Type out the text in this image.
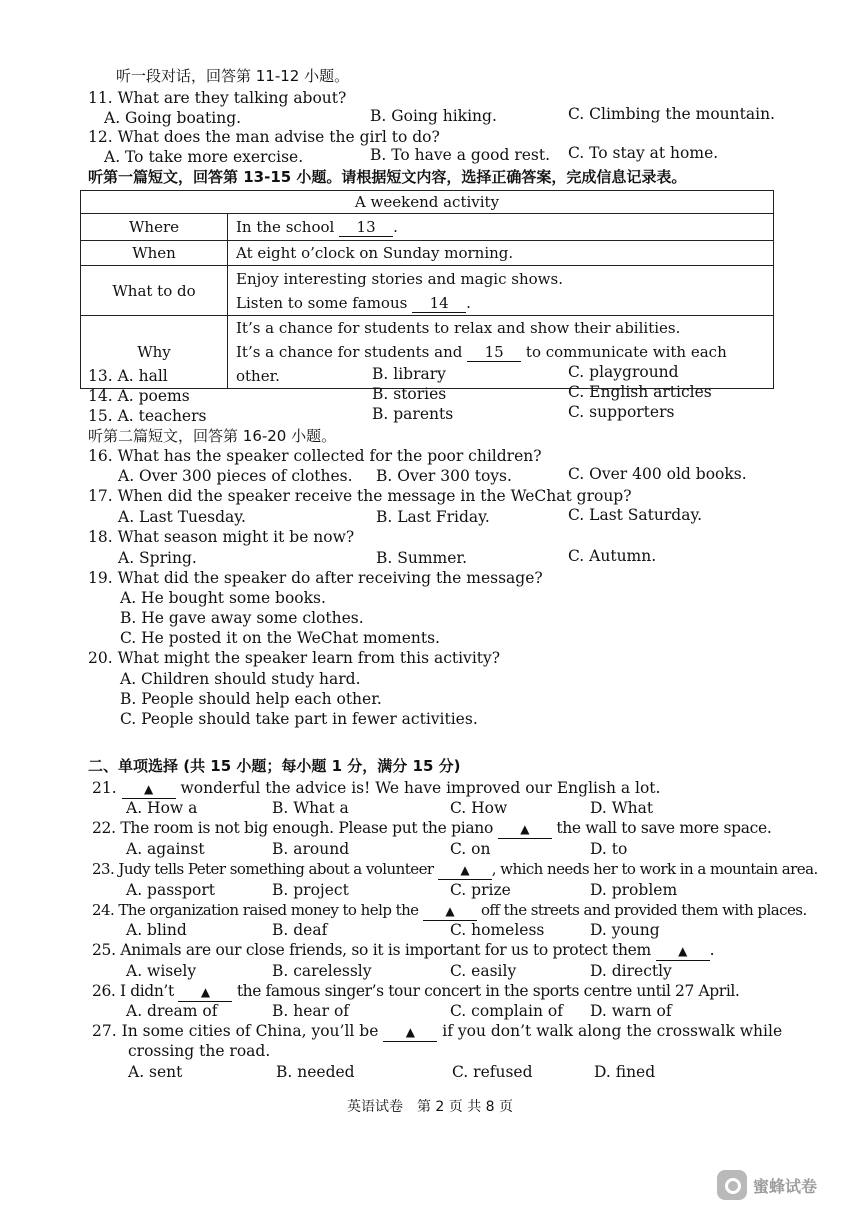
听一段对话，回答第 11-12 小题。
11. What are they talking about?
A. Going boating.	B. Going hiking.	C. Climbing the mountain.
12. What does the man advise the girl to do?
A. To take more exercise.	B. To have a good rest. C. To stay at home.
听第一篇短文，回答第 13-15 小题。请根据短文内容，选择正确答案，完成信息记录表。
A weekend activity	
Where	In the school 13 .
When	At eight o’clock on Sunday morning.
What to do	Enjoy interesting stories and magic shows.
Listen to some famous 14 .

Why	It’s a chance for students to relax and show their abilities.
It’s a chance for students and 15 to communicate with each other.
13. A. hall	B. library	C. playground
14. A. poems	B. stories	C. English articles
15. A. teachers	B. parents	C. supporters
听第二篇短文，回答第 16-20 小题。
16. What has the speaker collected for the poor children?
A. Over 300 pieces of clothes. B. Over 300 toys.	C. Over 400 old books.
17. When did the speaker receive the message in the WeChat group?
A. Last Tuesday.	B. Last Friday.	C. Last Saturday.
18. What season might it be now?
A. Spring.	B. Summer.	C. Autumn.
19. What did the speaker do after receiving the message?
A. He bought some books.
B. He gave away some clothes.
C. He posted it on the WeChat moments.
20. What might the speaker learn from this activity?
A. Children should study hard.
B. People should help each other.
C. People should take part in fewer activities.
二、单项选择 (共 15 小题；每小题 1 分，满分 15 分)
21. ▲ wonderful the advice is! We have improved our English a lot.
A. How a	B. What a	C. How	D. What
22. The room is not big enough. Please put the piano ▲ the wall to save more space.
A. against	B. around	C. on	D. to
23. Judy tells Peter something about a volunteer ▲ , which needs her to work in a mountain area.
A. passport	B. project	C. prize	D. problem
24. The organization raised money to help the ▲ off the streets and provided them with places.
A. blind	B. deaf	C. homeless	D. young
25. Animals are our close friends, so it is important for us to protect them ▲ .
A. wisely	B. carelessly	C. easily	D. directly
26. I didn’t ▲ the famous singer’s tour concert in the sports centre until 27 April.
A. dream of	B. hear of	C. complain of D. warn of
27. In some cities of China, you’ll be ▲ if you don’t walk along the crosswalk while
crossing the road.
A. sent	B. needed	C. refused	D. fined
英语试卷　第 2 页 共 8 页
蜜蜂试卷
